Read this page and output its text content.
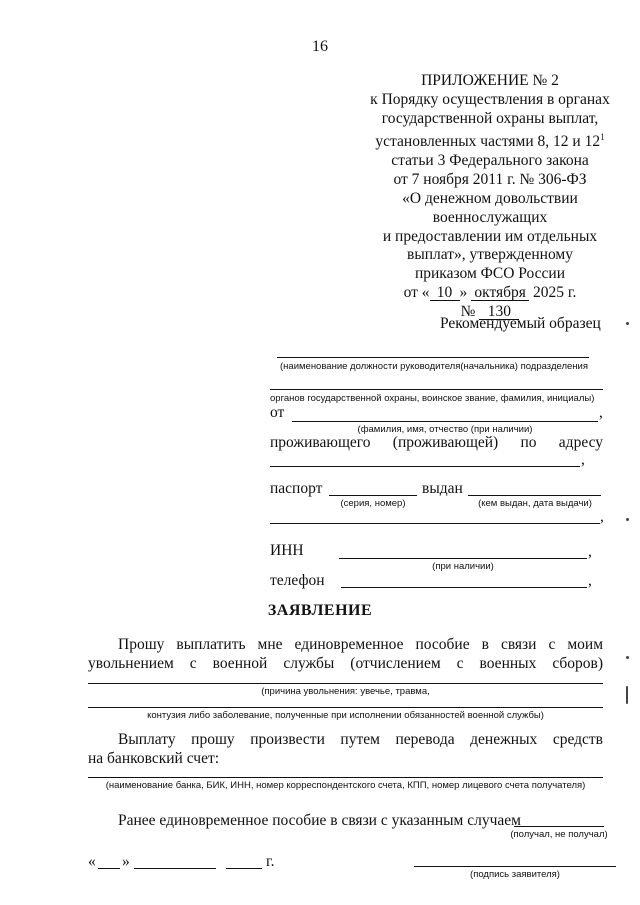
16
ПРИЛОЖЕНИЕ № 2
к Порядку осуществления в органах
государственной охраны выплат,
установленных частями 8, 12 и $12^1$
статьи 3 Федерального закона
от 7 ноября 2011 г. № 306-ФЗ
«О денежном довольствии
военнослужащих
и предоставлении им отдельных
выплат», утвержденному
приказом ФСО России
от « 10 » октября 2025 г.
№ 130
Рекомендуемый образец
(наименование должности руководителя(начальника) подразделения
органов государственной охраны, воинское звание, фамилия, инициалы)
от	,
(фамилия, имя, отчество (при наличии)
проживающего (проживающей) по адресу
,
паспорт	выдан
(серия, номер)	(кем выдан, дата выдачи)
,
ИНН	,
(при наличии)
телефон	,
ЗАЯВЛЕНИЕ
Прошу выплатить мне единовременное пособие в связи с моим
увольнением с военной службы (отчислением с военных сборов)
(причина увольнения: увечье, травма,
контузия либо заболевание, полученные при исполнении обязанностей военной службы)
Выплату прошу произвести путем перевода денежных средств
на банковский счет:
(наименование банка, БИК, ИНН, номер корреспондентского счета, КПП, номер лицевого счета получателя)
Ранее единовременное пособие в связи с указанным случаем
(получал, не получал)
« »	г.
(подпись заявителя)
